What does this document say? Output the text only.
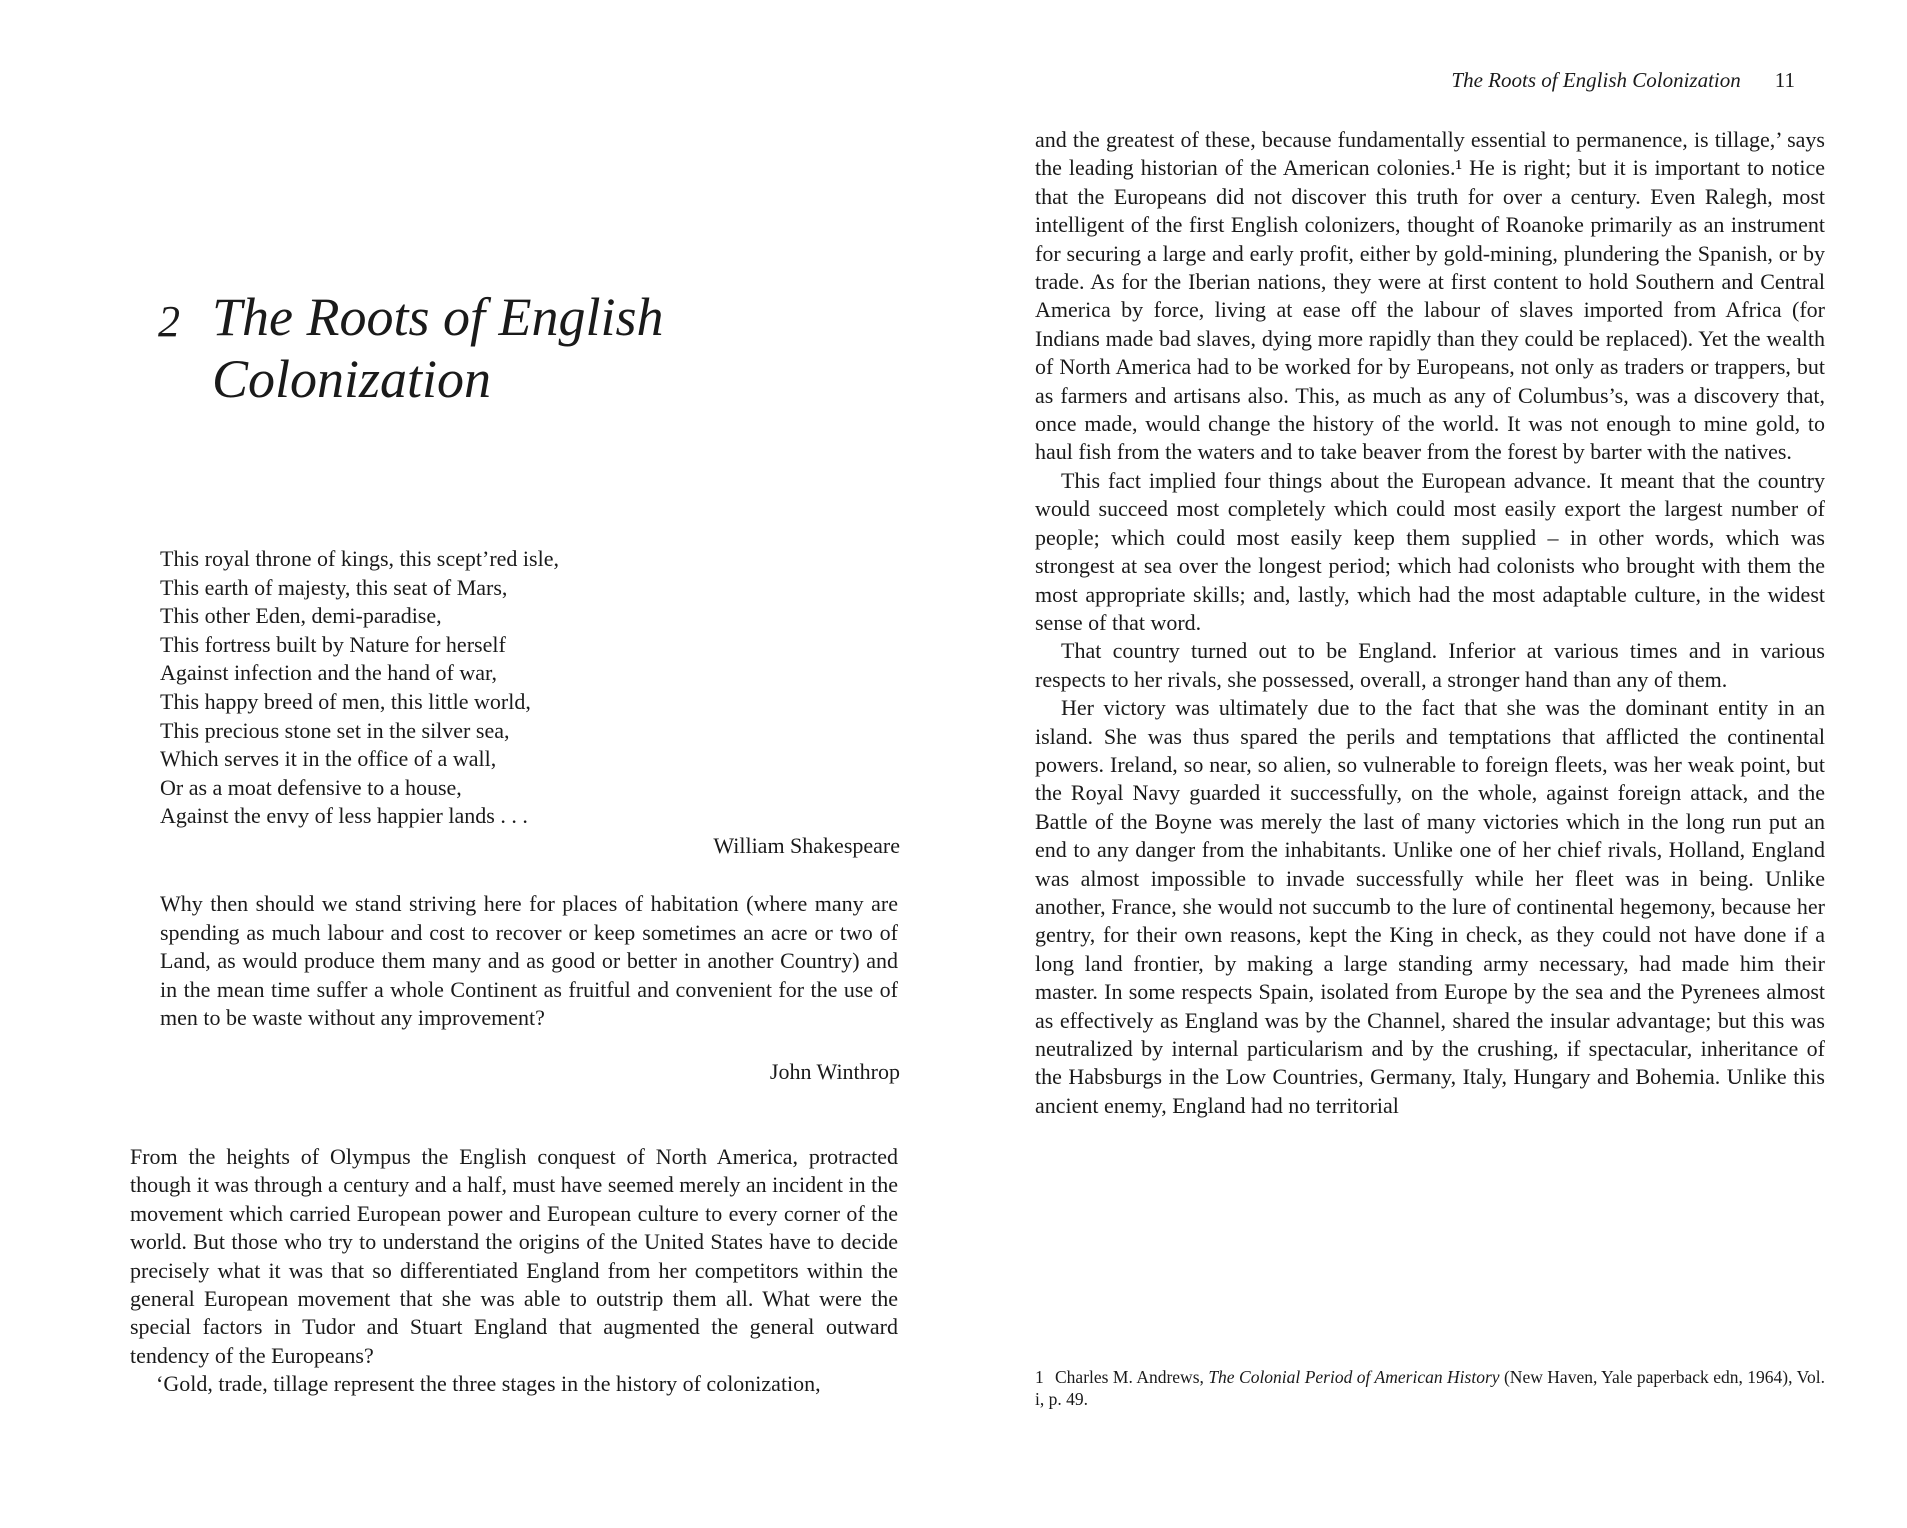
2 The Roots of English
Colonization
This royal throne of kings, this scept’red isle,
This earth of majesty, this seat of Mars,
This other Eden, demi-paradise,
This fortress built by Nature for herself
Against infection and the hand of war,
This happy breed of men, this little world,
This precious stone set in the silver sea,
Which serves it in the office of a wall,
Or as a moat defensive to a house,
Against the envy of less happier lands . . .
William Shakespeare
Why then should we stand striving here for places of habitation (where many are spending as much labour and cost to recover or keep sometimes an acre or two of Land, as would produce them many and as good or better in another Country) and in the mean time suffer a whole Continent as fruitful and convenient for the use of men to be waste without any improvement?
John Winthrop

From the heights of Olympus the English conquest of North America, protracted though it was through a century and a half, must have seemed merely an incident in the movement which carried European power and European culture to every corner of the world. But those who try to understand the origins of the United States have to decide precisely what it was that so differentiated England from her competitors within the general European movement that she was able to outstrip them all. What were the special factors in Tudor and Stuart England that augmented the general outward tendency of the Europeans?

‘Gold, trade, tillage represent the three stages in the history of colonization,

The Roots of English Colonization 11

and the greatest of these, because fundamentally essential to permanence, is tillage,’ says the leading historian of the American colonies.¹ He is right; but it is important to notice that the Europeans did not discover this truth for over a century. Even Ralegh, most intelligent of the first English colonizers, thought of Roanoke primarily as an instrument for securing a large and early profit, either by gold-mining, plundering the Spanish, or by trade. As for the Iberian nations, they were at first content to hold Southern and Central America by force, living at ease off the labour of slaves imported from Africa (for Indians made bad slaves, dying more rapidly than they could be replaced). Yet the wealth of North America had to be worked for by Europeans, not only as traders or trappers, but as farmers and artisans also. This, as much as any of Columbus’s, was a discovery that, once made, would change the history of the world. It was not enough to mine gold, to haul fish from the waters and to take beaver from the forest by barter with the natives.

This fact implied four things about the European advance. It meant that the country would succeed most completely which could most easily export the largest number of people; which could most easily keep them supplied – in other words, which was strongest at sea over the longest period; which had colonists who brought with them the most appropriate skills; and, lastly, which had the most adaptable culture, in the widest sense of that word.

That country turned out to be England. Inferior at various times and in various respects to her rivals, she possessed, overall, a stronger hand than any of them.

Her victory was ultimately due to the fact that she was the dominant entity in an island. She was thus spared the perils and temptations that afflicted the continental powers. Ireland, so near, so alien, so vulnerable to foreign fleets, was her weak point, but the Royal Navy guarded it successfully, on the whole, against foreign attack, and the Battle of the Boyne was merely the last of many victories which in the long run put an end to any danger from the inhabitants. Unlike one of her chief rivals, Holland, England was almost impossible to invade successfully while her fleet was in being. Unlike another, France, she would not succumb to the lure of continental hegemony, because her gentry, for their own reasons, kept the King in check, as they could not have done if a long land frontier, by making a large standing army necessary, had made him their master. In some respects Spain, isolated from Europe by the sea and the Pyrenees almost as effectively as England was by the Channel, shared the insular advantage; but this was neutralized by internal particularism and by the crushing, if spectacular, inheritance of the Habsburgs in the Low Countries, Germany, Italy, Hungary and Bohemia. Unlike this ancient enemy, England had no territorial

1 Charles M. Andrews, The Colonial Period of American History (New Haven, Yale paperback edn, 1964), Vol. i, p. 49.
